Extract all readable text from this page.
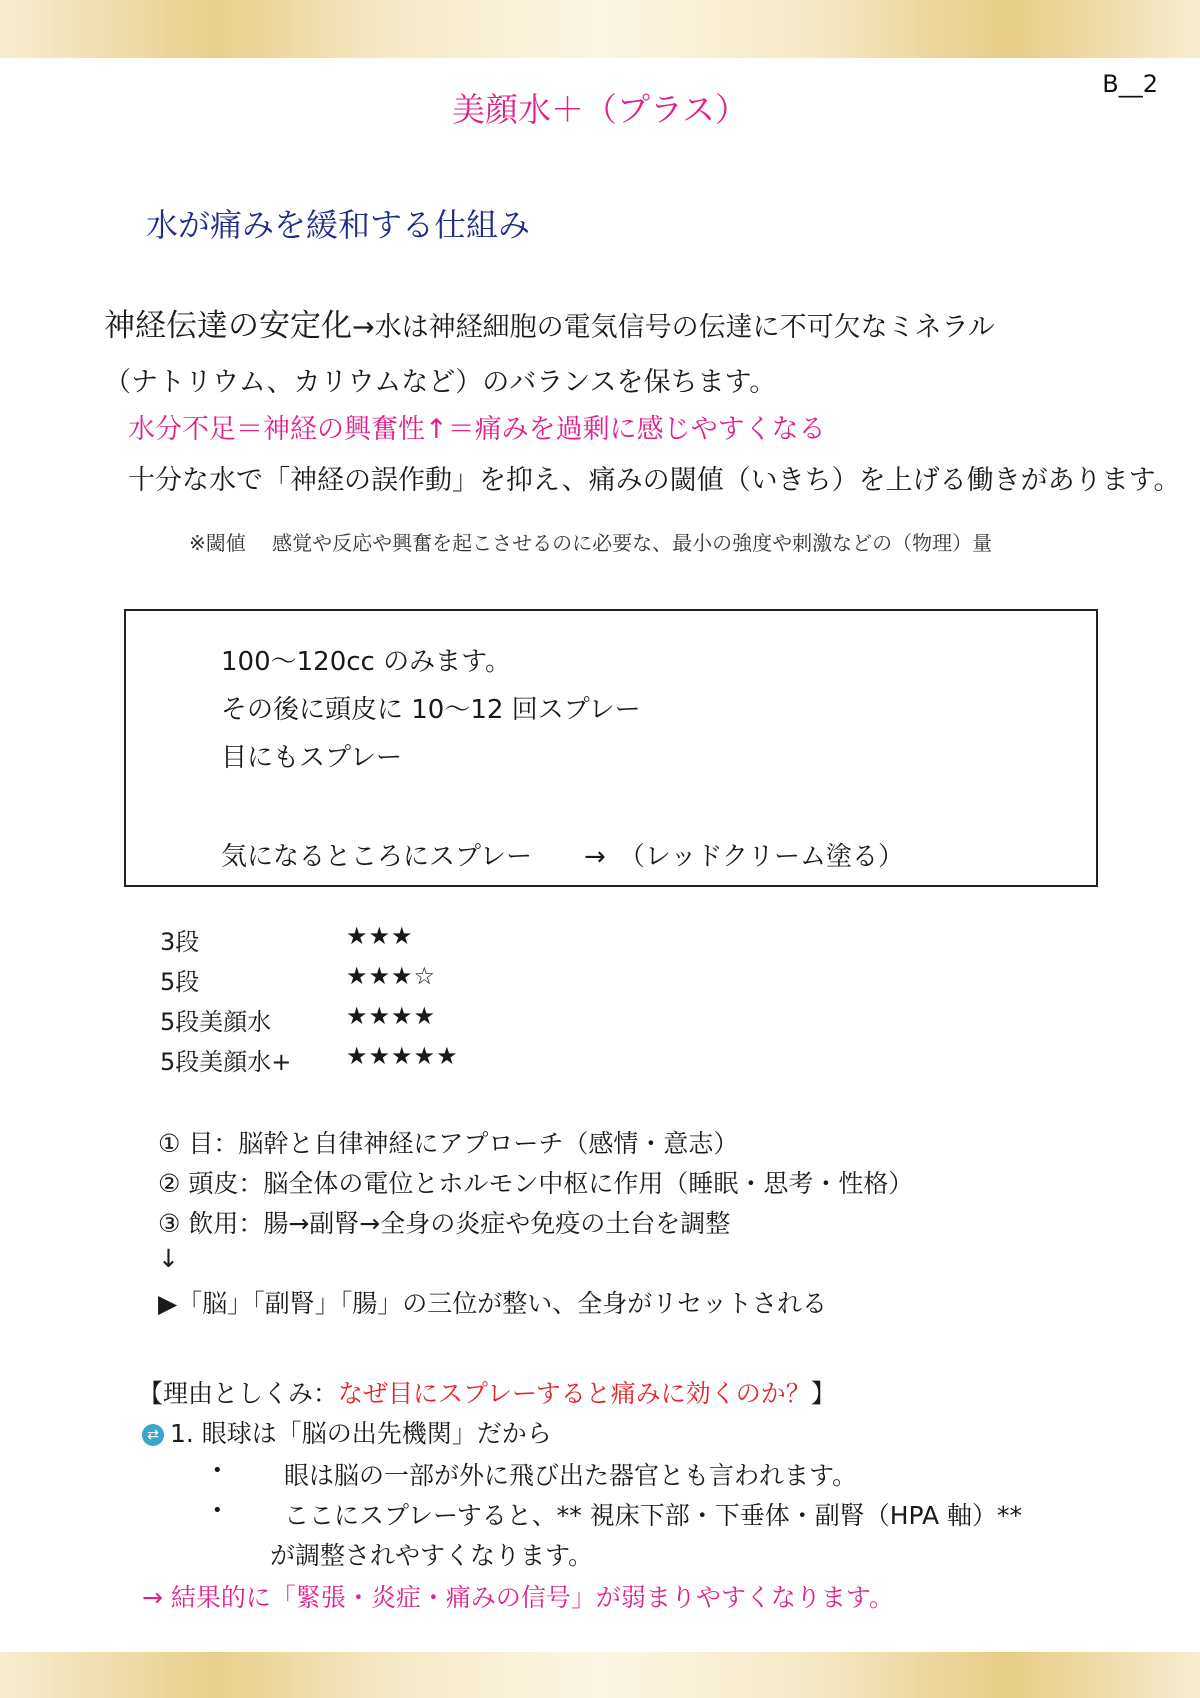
B__2
美顔水＋（プラス）
水が痛みを緩和する仕組み
神経伝達の安定化→水は神経細胞の電気信号の伝達に不可欠なミネラル
（ナトリウム、カリウムなど）のバランスを保ちます。
水分不足＝神経の興奮性↑＝痛みを過剰に感じやすくなる
十分な水で「神経の誤作動」を抑え、痛みの閾値（いきち）を上げる働きがあります。
※閾値　 感覚や反応や興奮を起こさせるのに必要な、最小の強度や刺激などの（物理）量
100〜120cc のみます。
その後に頭皮に 10〜12 回スプレー
目にもスプレー
気になるところにスプレー　　→　（レッドクリーム塗る）
3段	★★★
5段	★★★☆
5段美顔水	★★★★
5段美顔水+ ★★★★★
① 目：脳幹と自律神経にアプローチ（感情・意志）
② 頭皮：脳全体の電位とホルモン中枢に作用（睡眠・思考・性格）
③ 飲用：腸→副腎→全身の炎症や免疫の土台を調整
↓
▶「脳」「副腎」「腸」の三位が整い、全身がリセットされる
【理由としくみ：なぜ目にスプレーすると痛みに効くのか？】
⇄ 1. 眼球は「脳の出先機関」だから
• 眼は脳の一部が外に飛び出た器官とも言われます。
• ここにスプレーすると、** 視床下部・下垂体・副腎（HPA 軸）**
が調整されやすくなります。
→ 結果的に「緊張・炎症・痛みの信号」が弱まりやすくなります。
